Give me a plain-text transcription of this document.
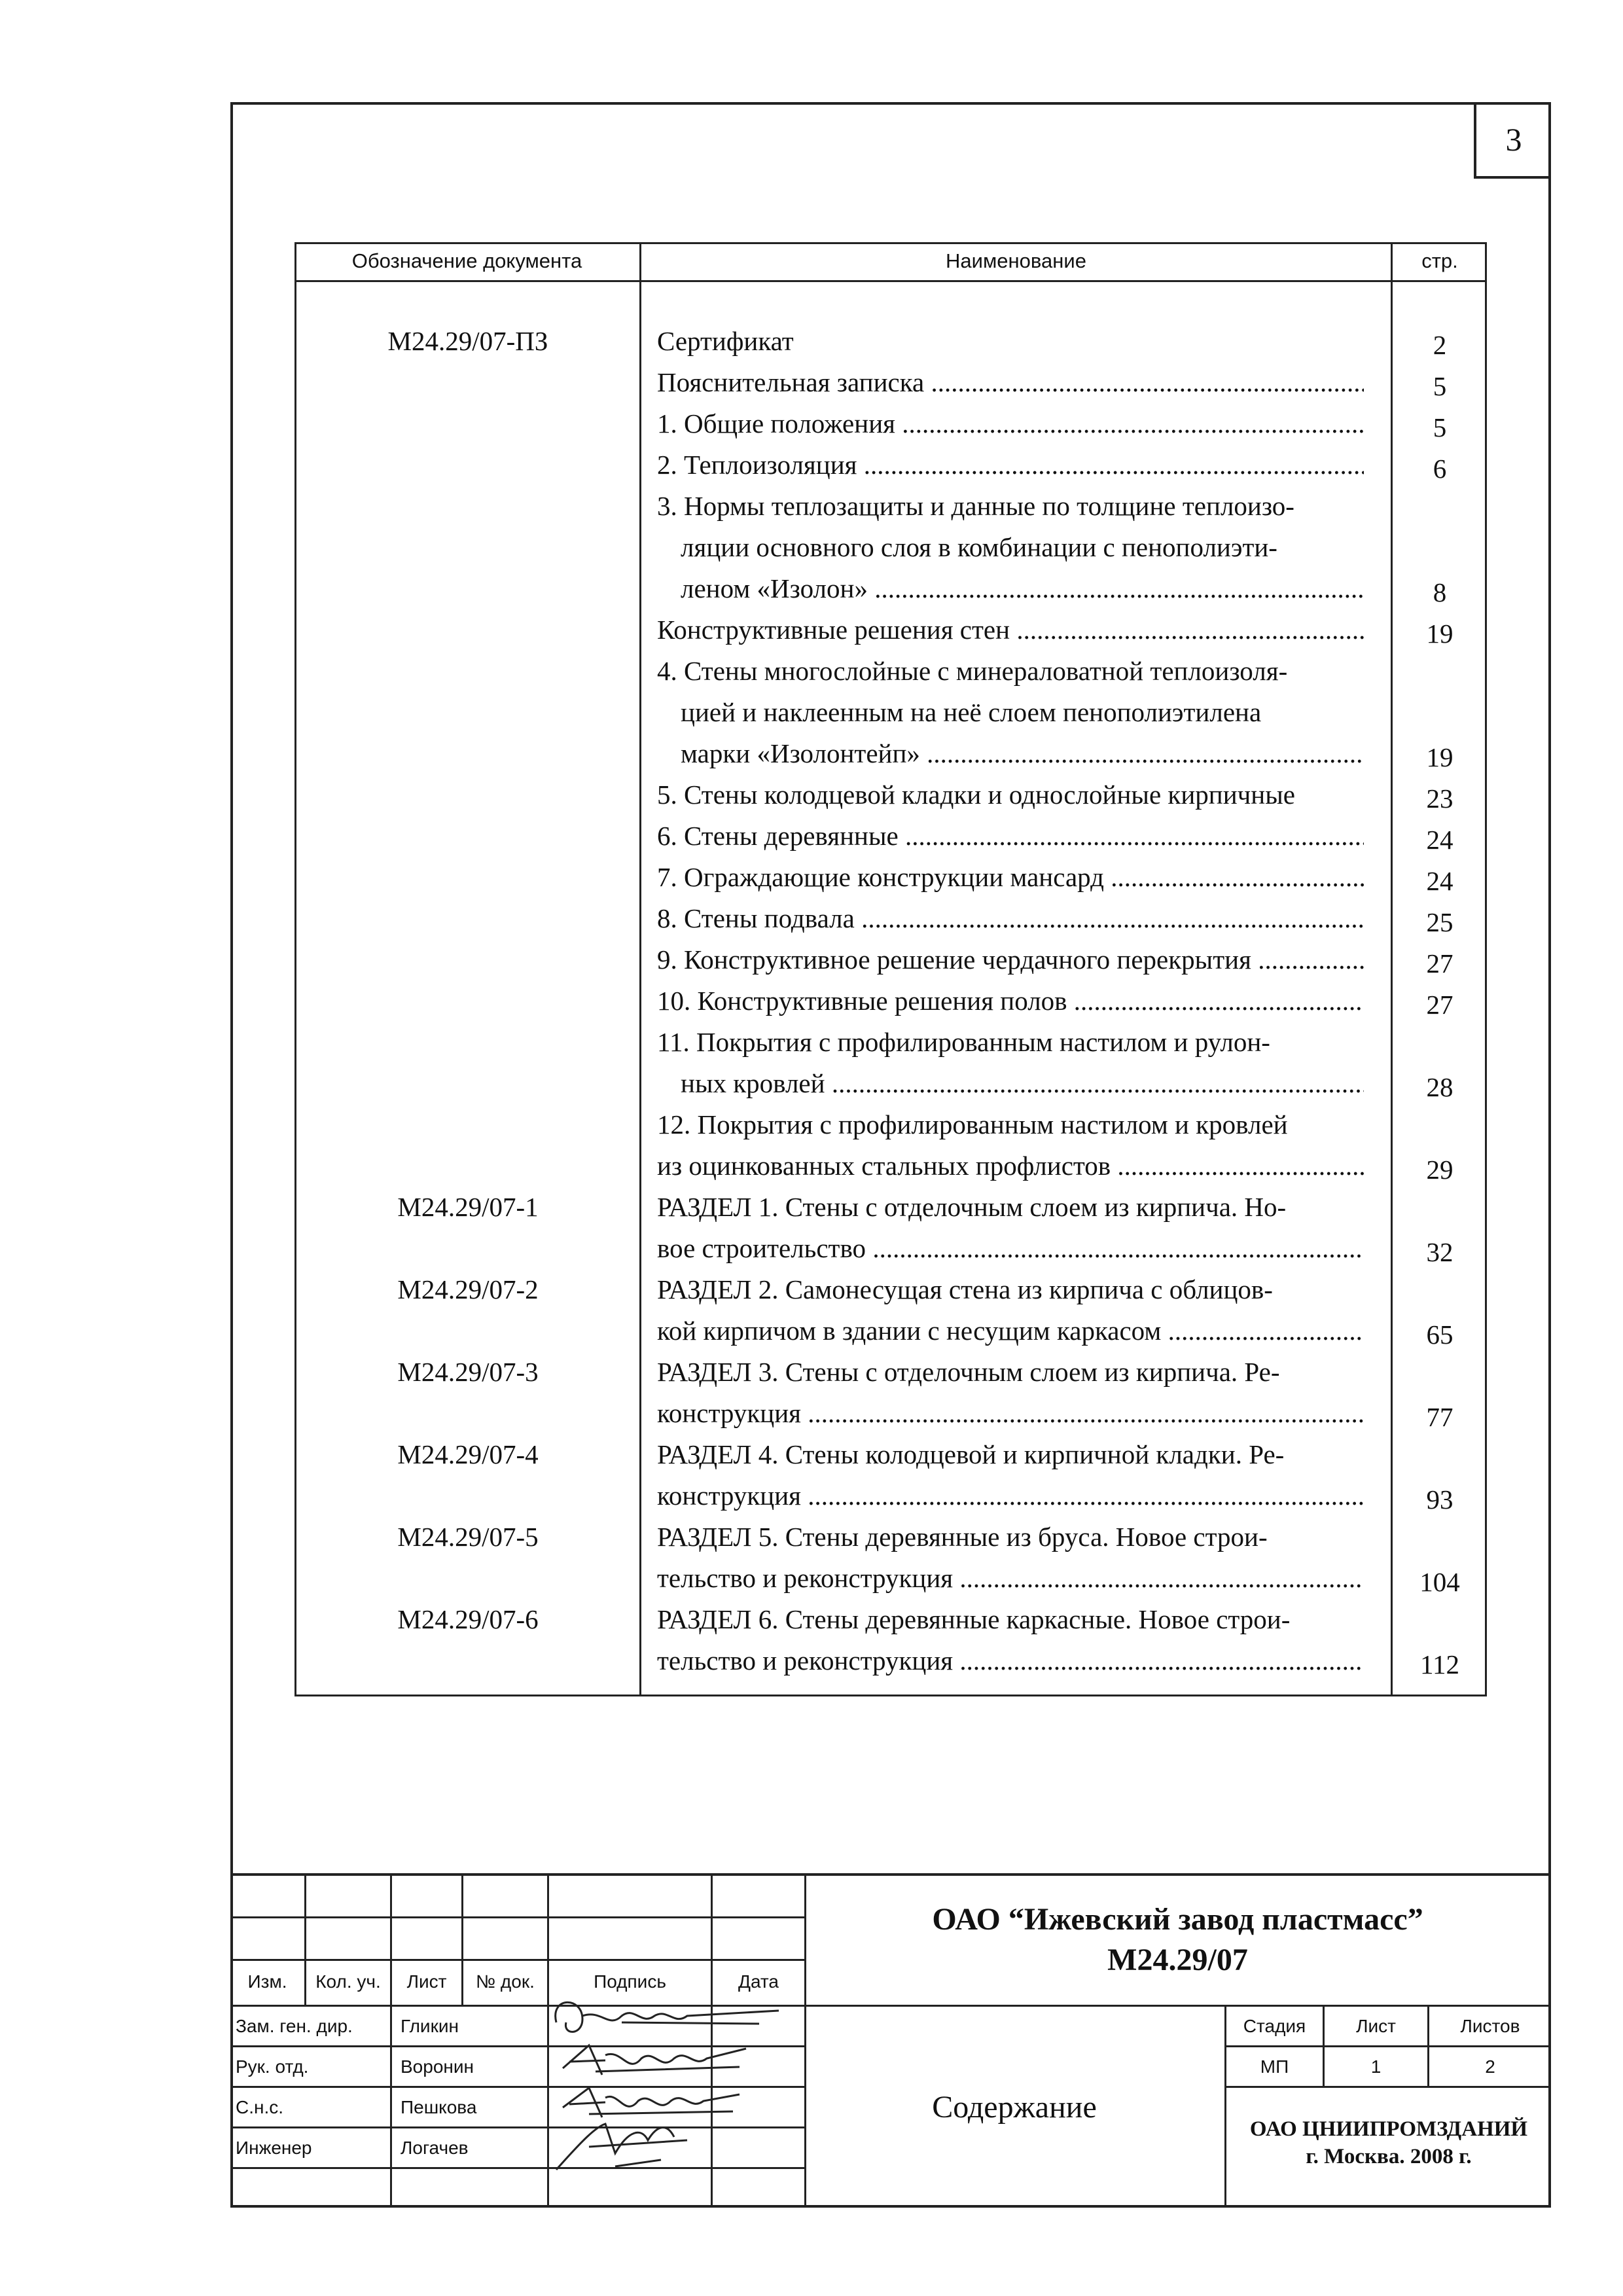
3
Обозначение документа	Наименование	стр.
М24.29/07-ПЗ	Сертификат	2
Пояснительная записка .....	5
1. Общие положения .....	5
2. Теплоизоляция .....	6
3. Нормы теплозащиты и данные по толщине теплоизо-
ляции основного слоя в комбинации с пенополиэти-
леном «Изолон» .....	8
Конструктивные решения стен .....	19
4. Стены многослойные с минераловатной теплоизоля-
цией и наклеенным на неё слоем пенополиэтилена
марки «Изолонтейп» .....	19
5. Стены колодцевой кладки и однослойные кирпичные	23
6. Стены деревянные .....	24
7. Ограждающие конструкции мансард .....	24
8. Стены подвала .....	25
9. Конструктивное решение чердачного перекрытия .....	27
10. Конструктивные решения полов .....	27
11. Покрытия с профилированным настилом и рулон-
ных кровлей .....	28
12. Покрытия с профилированным настилом и кровлей
из оцинкованных стальных профлистов .....	29
М24.29/07-1	РАЗДЕЛ 1. Стены с отделочным слоем из кирпича. Но-
вое строительство .....	32
М24.29/07-2	РАЗДЕЛ 2. Самонесущая стена из кирпича с облицов-
кой кирпичом в здании с несущим каркасом .....	65
М24.29/07-3	РАЗДЕЛ 3. Стены с отделочным слоем из кирпича. Ре-
конструкция .....	77
М24.29/07-4	РАЗДЕЛ 4. Стены колодцевой и кирпичной кладки. Ре-
конструкция .....	93
М24.29/07-5	РАЗДЕЛ 5. Стены деревянные из бруса. Новое строи-
тельство и реконструкция .....	104
М24.29/07-6	РАЗДЕЛ 6. Стены деревянные каркасные. Новое строи-
тельство и реконструкция .....	112
Изм.	Кол. уч.	Лист	№ док.	Подпись	Дата
Зам. ген. дир.	Гликин
Рук. отд.	Воронин
С.н.с.	Пешкова
Инженер	Логачев
ОАО “Ижевский завод пластмасс”
М24.29/07
Содержание
Стадия	Лист	Листов
МП	1	2
ОАО ЦНИИПРОМЗДАНИЙ
г. Москва. 2008 г.
